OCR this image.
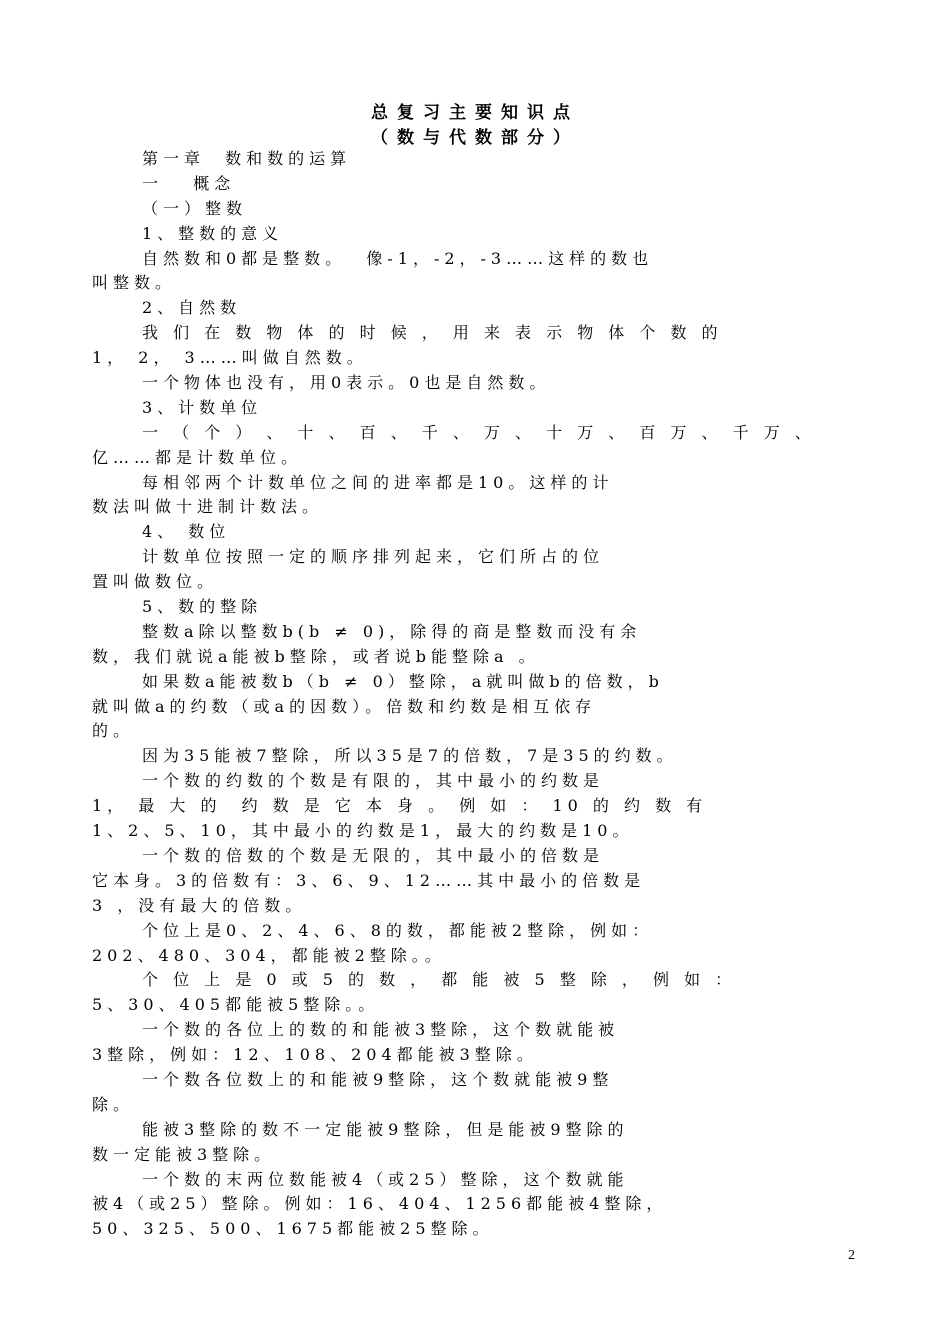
总复习主要知识点
（数与代数部分）
第一章  数和数的运算
一   概念
（一）整数
1、整数的意义
自然数和0都是整数。  像-1，-2，-3……这样的数也
叫整数。
2、自然数
我 们 在 数 物 体 的 时 候 ， 用 来 表 示 物 体 个 数 的
1， 2， 3……叫做自然数。
一个物体也没有，用0表示。0也是自然数。
3、计数单位
一 （ 个 ） 、 十 、 百 、 千 、 万 、 十 万 、 百 万 、 千 万 、
亿……都是计数单位。
每相邻两个计数单位之间的进率都是10。这样的计
数法叫做十进制计数法。
4、 数位
计数单位按照一定的顺序排列起来，它们所占的位
置叫做数位。
5、数的整除
整数a除以整数b(b ≠ 0)，除得的商是整数而没有余
数，我们就说a能被b整除，或者说b能整除a 。
如果数a能被数b（b ≠ 0）整除，a就叫做b的倍数，b
就叫做a的约数（或a的因数）。倍数和约数是相互依存
的。
因为35能被7整除，所以35是7的倍数，7是35的约数。
一个数的约数的个数是有限的，其中最小的约数是
1， 最 大 的  约 数 是 它 本 身 。 例 如 ： 10 的 约 数 有
1、2、5、10，其中最小的约数是1，最大的约数是10。
一个数的倍数的个数是无限的，其中最小的倍数是
它本身。3的倍数有：3、6、9、12……其中最小的倍数是
3 ，没有最大的倍数。
个位上是0、2、4、6、8的数，都能被2整除，例如：
202、480、304，都能被2整除。。
个 位 上 是 0 或 5 的 数 ， 都 能 被 5 整 除 ， 例 如 ：
5、30、405都能被5整除。。
一个数的各位上的数的和能被3整除，这个数就能被
3整除，例如：12、108、204都能被3整除。
一个数各位数上的和能被9整除，这个数就能被9整
除。
能被3整除的数不一定能被9整除，但是能被9整除的
数一定能被3整除。
一个数的末两位数能被4（或25）整除，这个数就能
被4（或25）整除。例如：16、404、1256都能被4整除，
50、325、500、1675都能被25整除。
2
